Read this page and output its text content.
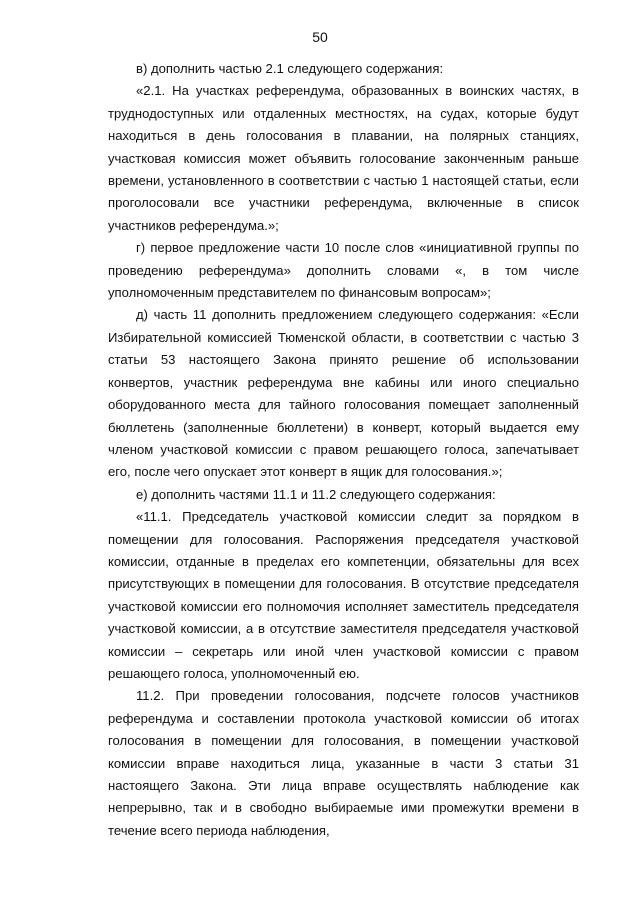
50

в) дополнить частью 2.1 следующего содержания:

«2.1. На участках референдума, образованных в воинских частях, в труднодоступных или отдаленных местностях, на судах, которые будут находиться в день голосования в плавании, на полярных станциях, участковая комиссия может объявить голосование законченным раньше времени, установленного в соответствии с частью 1 настоящей статьи, если проголосовали все участники референдума, включенные в список участников референдума.»;

г) первое предложение части 10 после слов «инициативной группы по проведению референдума» дополнить словами «, в том числе уполномоченным представителем по финансовым вопросам»;

д) часть 11 дополнить предложением следующего содержания: «Если Избирательной комиссией Тюменской области, в соответствии с частью 3 статьи 53 настоящего Закона принято решение об использовании конвертов, участник референдума вне кабины или иного специально оборудованного места для тайного голосования помещает заполненный бюллетень (заполненные бюллетени) в конверт, который выдается ему членом участковой комиссии с правом решающего голоса, запечатывает его, после чего опускает этот конверт в ящик для голосования.»;

е) дополнить частями 11.1 и 11.2 следующего содержания:

«11.1. Председатель участковой комиссии следит за порядком в помещении для голосования. Распоряжения председателя участковой комиссии, отданные в пределах его компетенции, обязательны для всех присутствующих в помещении для голосования. В отсутствие председателя участковой комиссии его полномочия исполняет заместитель председателя участковой комиссии, а в отсутствие заместителя председателя участковой комиссии – секретарь или иной член участковой комиссии с правом решающего голоса, уполномоченный ею.

11.2. При проведении голосования, подсчете голосов участников референдума и составлении протокола участковой комиссии об итогах голосования в помещении для голосования, в помещении участковой комиссии вправе находиться лица, указанные в части 3 статьи 31 настоящего Закона. Эти лица вправе осуществлять наблюдение как непрерывно, так и в свободно выбираемые ими промежутки времени в течение всего периода наблюдения,
